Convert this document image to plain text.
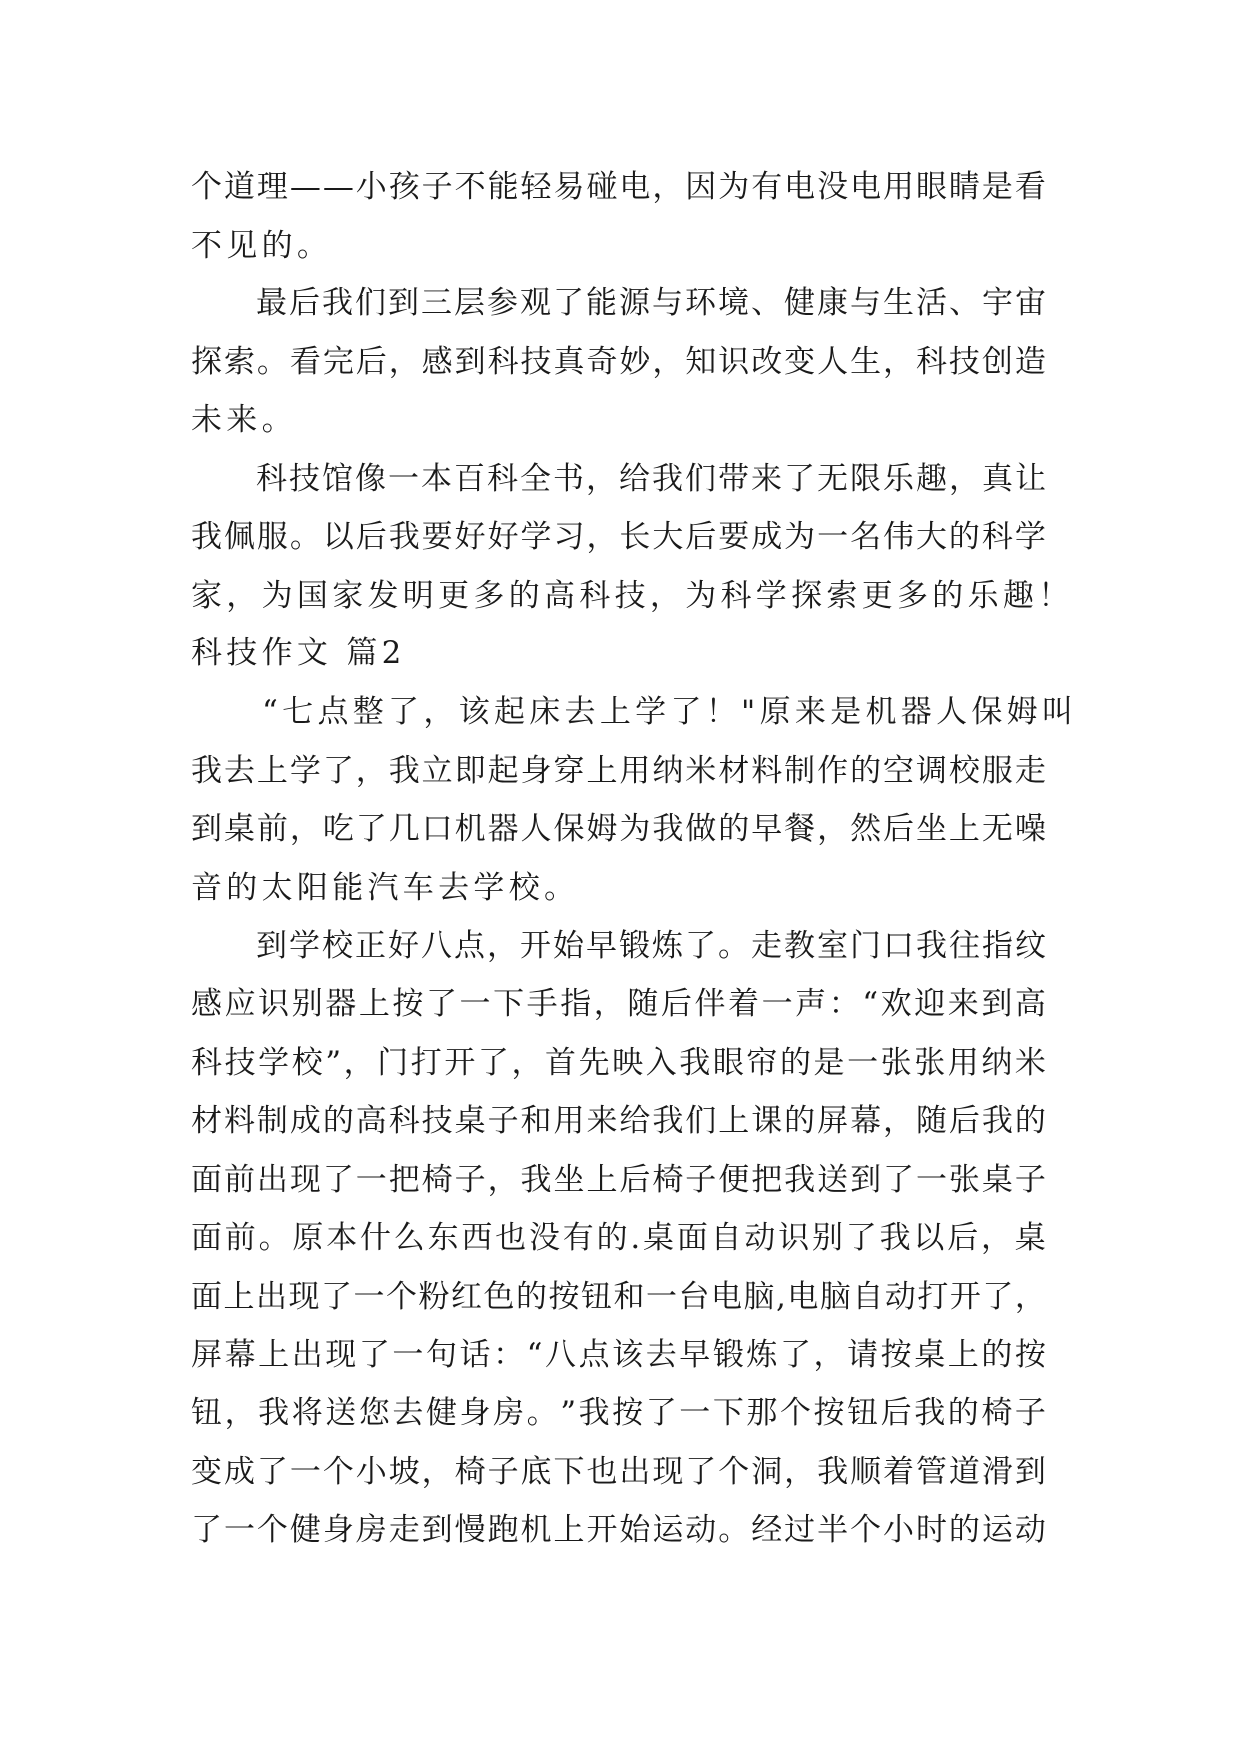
个 道 理 — — 小 孩 子 不 能 轻 易 碰 电 ， 因 为 有 电 没 电 用 眼 睛 是 看
不见的。
最 后 我 们 到 三 层 参 观 了 能 源 与 环 境 、 健 康 与 生 活 、 宇 宙
探 索 。 看 完 后 ， 感 到 科 技 真 奇 妙 ， 知 识 改 变 人 生 ， 科 技 创 造
未来。
科 技 馆 像 一 本 百 科 全 书 ， 给 我 们 带 来 了 无 限 乐 趣 ， 真 让
我 佩 服 。 以 后 我 要 好 好 学 习 ， 长 大 后 要 成 为 一 名 伟 大 的 科 学
家，为国家发明更多的高科技，为科学探索更多的乐趣！
科技作文 篇2
“七点整了，该起床去上学了！"原来是机器人保姆叫
我 去 上 学 了 ， 我 立 即 起 身 穿 上 用 纳 米 材 料 制 作 的 空 调 校 服 走
到 桌 前 ， 吃 了 几 口 机 器 人 保 姆 为 我 做 的 早 餐 ， 然 后 坐 上 无 噪
音的太阳能汽车去学校。
到 学 校 正 好 八 点 ， 开 始 早 锻 炼 了 。 走 教 室 门 口 我 往 指 纹
感 应 识 别 器 上 按 了 一 下 手 指 ， 随 后 伴 着 一 声 ： “ 欢 迎 来 到 高
科 技 学 校 ” ， 门 打 开 了 ， 首 先 映 入 我 眼 帘 的 是 一 张 张 用 纳 米
材 料 制 成 的 高 科 技 桌 子 和 用 来 给 我 们 上 课 的 屏 幕 ， 随 后 我 的
面 前 出 现 了 一 把 椅 子 ， 我 坐 上 后 椅 子 便 把 我 送 到 了 一 张 桌 子
面 前 。 原 本 什 么 东 西 也 没 有 的 . 桌 面 自 动 识 别 了 我 以 后 ， 桌
面 上 出 现 了 一 个 粉 红 色 的 按 钮 和 一 台 电 脑 , 电 脑 自 动 打 开 了 ，
屏 幕 上 出 现 了 一 句 话 ： “ 八 点 该 去 早 锻 炼 了 ， 请 按 桌 上 的 按
钮 ， 我 将 送 您 去 健 身 房 。 ” 我 按 了 一 下 那 个 按 钮 后 我 的 椅 子
变 成 了 一 个 小 坡 ， 椅 子 底 下 也 出 现 了 个 洞 ， 我 顺 着 管 道 滑 到
了 一 个 健 身 房 走 到 慢 跑 机 上 开 始 运 动 。 经 过 半 个 小 时 的 运 动
